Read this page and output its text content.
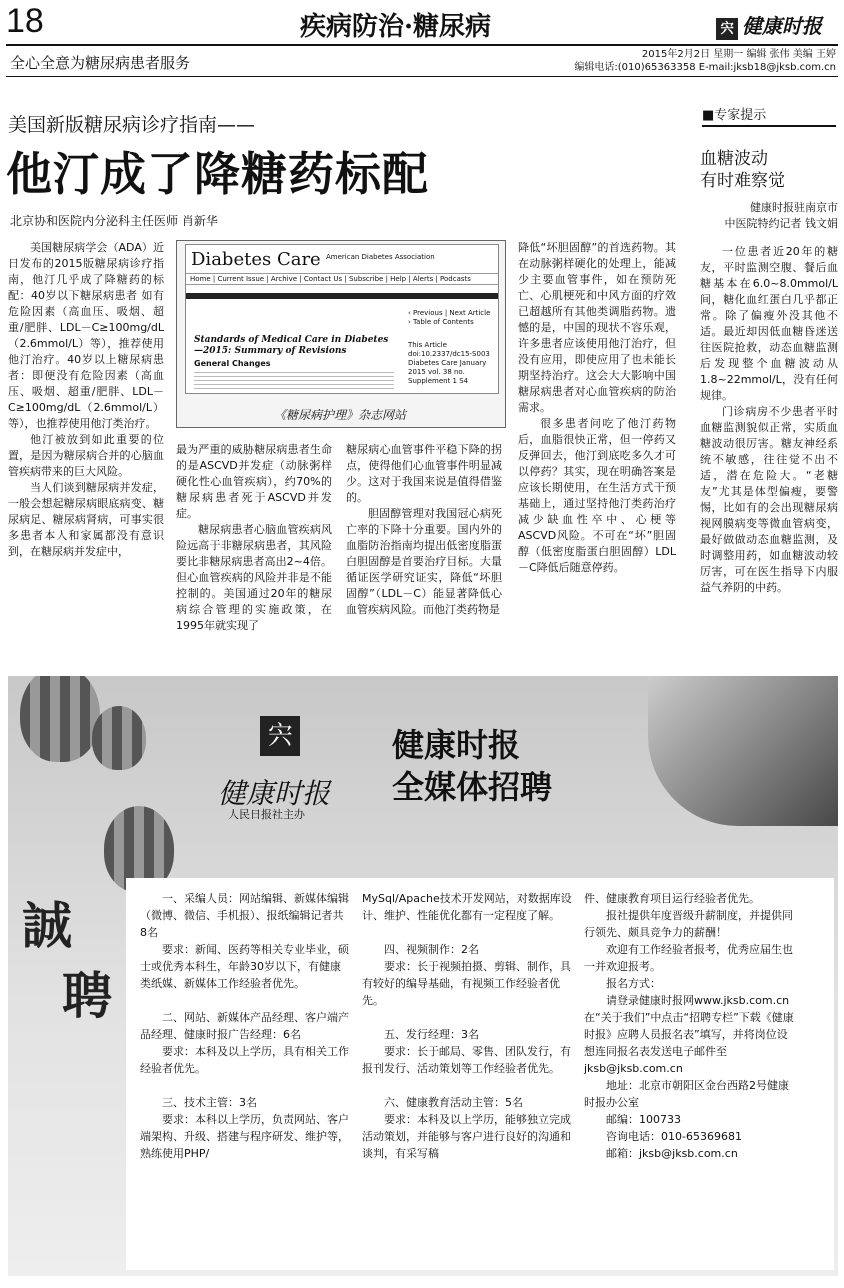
18	疾病防治·糖尿病	宍 健康时报
全心全意为糖尿病患者服务	2015年2月2日 星期一 编辑 张伟 美编 王婷
编辑电话:(010)65363358 E-mail:jksb18@jksb.com.cn
美国新版糖尿病诊疗指南——
他汀成了降糖药标配
北京协和医院内分泌科主任医师 肖新华

美国糖尿病学会（ADA）近日发布的2015版糖尿病诊疗指南，他汀几乎成了降糖药的标配：40岁以下糖尿病患者 如有危险因素（高血压、吸烟、超重/肥胖、LDL－C≥100mg/dL（2.6mmol/L）等），推荐使用他汀治疗。40岁以上糖尿病患者：即便没有危险因素（高血压、吸烟、超重/肥胖、LDL－C≥100mg/dL（2.6mmol/L）等），也推荐使用他汀类治疗。

他汀被放到如此重要的位置，是因为糖尿病合并的心脑血管疾病带来的巨大风险。

当人们谈到糖尿病并发症，一般会想起糖尿病眼底病变、糖尿病足、糖尿病肾病，可事实很多患者本人和家属都没有意识到，在糖尿病并发症中，

Diabetes Care American Diabetes Association
Home | Current Issue | Archive | Contact Us | Subscribe | Help | Alerts | Podcasts
Standards of Medical Care in Diabetes—2015: Summary of Revisions
General Changes
‹ Previous | Next Article › Table of Contents
This Article doi:10.2337/dc15-S003 Diabetes Care January 2015 vol. 38 no. Supplement 1 S4
《糖尿病护理》杂志网站

最为严重的威胁糖尿病患者生命的是ASCVD并发症（动脉粥样硬化性心血管疾病），约70%的糖尿病患者死于ASCVD并发症。

糖尿病患者心脑血管疾病风险远高于非糖尿病患者，其风险要比非糖尿病患者高出2~4倍。但心血管疾病的风险并非是不能控制的。美国通过20年的糖尿病综合管理的实施政策，在1995年就实现了

糖尿病心血管事件平稳下降的拐点，使得他们心血管事件明显减少。这对于我国来说是值得借鉴的。

胆固醇管理对我国冠心病死亡率的下降十分重要。国内外的血脂防治指南均提出低密度脂蛋白胆固醇是首要治疗目标。大量循证医学研究证实，降低“坏胆固醇”（LDL－C）能显著降低心血管疾病风险。而他汀类药物是

降低“坏胆固醇”的首选药物。其在动脉粥样硬化的处理上，能减少主要血管事件，如在预防死亡、心肌梗死和中风方面的疗效已超越所有其他类调脂药物。遗憾的是，中国的现状不容乐观，许多患者应该使用他汀治疗，但没有应用，即使应用了也未能长期坚持治疗。这会大大影响中国糖尿病患者对心血管疾病的防治需求。

很多患者问吃了他汀药物后，血脂很快正常，但一停药又反弹回去，他汀到底吃多久才可以停药？其实，现在明确答案是应该长期使用，在生活方式干预基础上，通过坚持他汀类药治疗减少缺血性卒中、心梗等ASCVD风险。不可在“坏”胆固醇（低密度脂蛋白胆固醇）LDL－C降低后随意停药。

■专家提示
血糖波动
有时难察觉
健康时报驻南京市
中医院特约记者 钱文娟

一位患者近20年的糖友，平时监测空腹、餐后血糖基本在6.0~8.0mmol/L间，糖化血红蛋白几乎都正常。除了偏瘦外没其他不适。最近却因低血糖昏迷送往医院抢救，动态血糖监测后发现整个血糖波动从1.8~22mmol/L，没有任何规律。

门诊病房不少患者平时血糖监测貌似正常，实质血糖波动很厉害。糖友神经系统不敏感，往往觉不出不适，潜在危险大。“老糖友”尤其是体型偏瘦，要警惕，比如有的会出现糖尿病视网膜病变等微血管病变，最好做做动态血糖监测，及时调整用药，如血糖波动较厉害，可在医生指导下内服益气养阴的中药。

宍
健康时报
人民日报社主办
健康时报
全媒体招聘
誠
聘

一、采编人员：网站编辑、新媒体编辑（微博、微信、手机报）、报纸编辑记者共8名

要求：新闻、医药等相关专业毕业，硕士或优秀本科生，年龄30岁以下，有健康类纸媒、新媒体工作经验者优先。

二、网站、新媒体产品经理、客户端产品经理、健康时报广告经理：6名

要求：本科及以上学历，具有相关工作经验者优先。

三、技术主管：3名

要求：本科以上学历，负责网站、客户端架构、升级、搭建与程序研发、维护等，熟练使用PHP/

MySql/Apache技术开发网站，对数据库设计、维护、性能优化都有一定程度了解。

四、视频制作：2名

要求：长于视频拍摄、剪辑、制作，具有较好的编导基础，有视频工作经验者优先。

五、发行经理：3名

要求：长于邮局、零售、团队发行，有报刊发行、活动策划等工作经验者优先。

六、健康教育活动主管：5名

要求：本科及以上学历，能够独立完成活动策划，并能够与客户进行良好的沟通和谈判，有采写稿

件、健康教育项目运行经验者优先。

报社提供年度晋级升薪制度，并提供同行领先、颇具竞争力的薪酬！

欢迎有工作经验者报考，优秀应届生也一并欢迎报考。

报名方式：

请登录健康时报网www.jksb.com.cn在“关于我们”中点击“招聘专栏”下载《健康时报》应聘人员报名表”填写，并将岗位设想连同报名表发送电子邮件至jksb@jksb.com.cn

地址：北京市朝阳区金台西路2号健康时报办公室

邮编：100733

咨询电话：010-65369681

邮箱：jksb@jksb.com.cn
